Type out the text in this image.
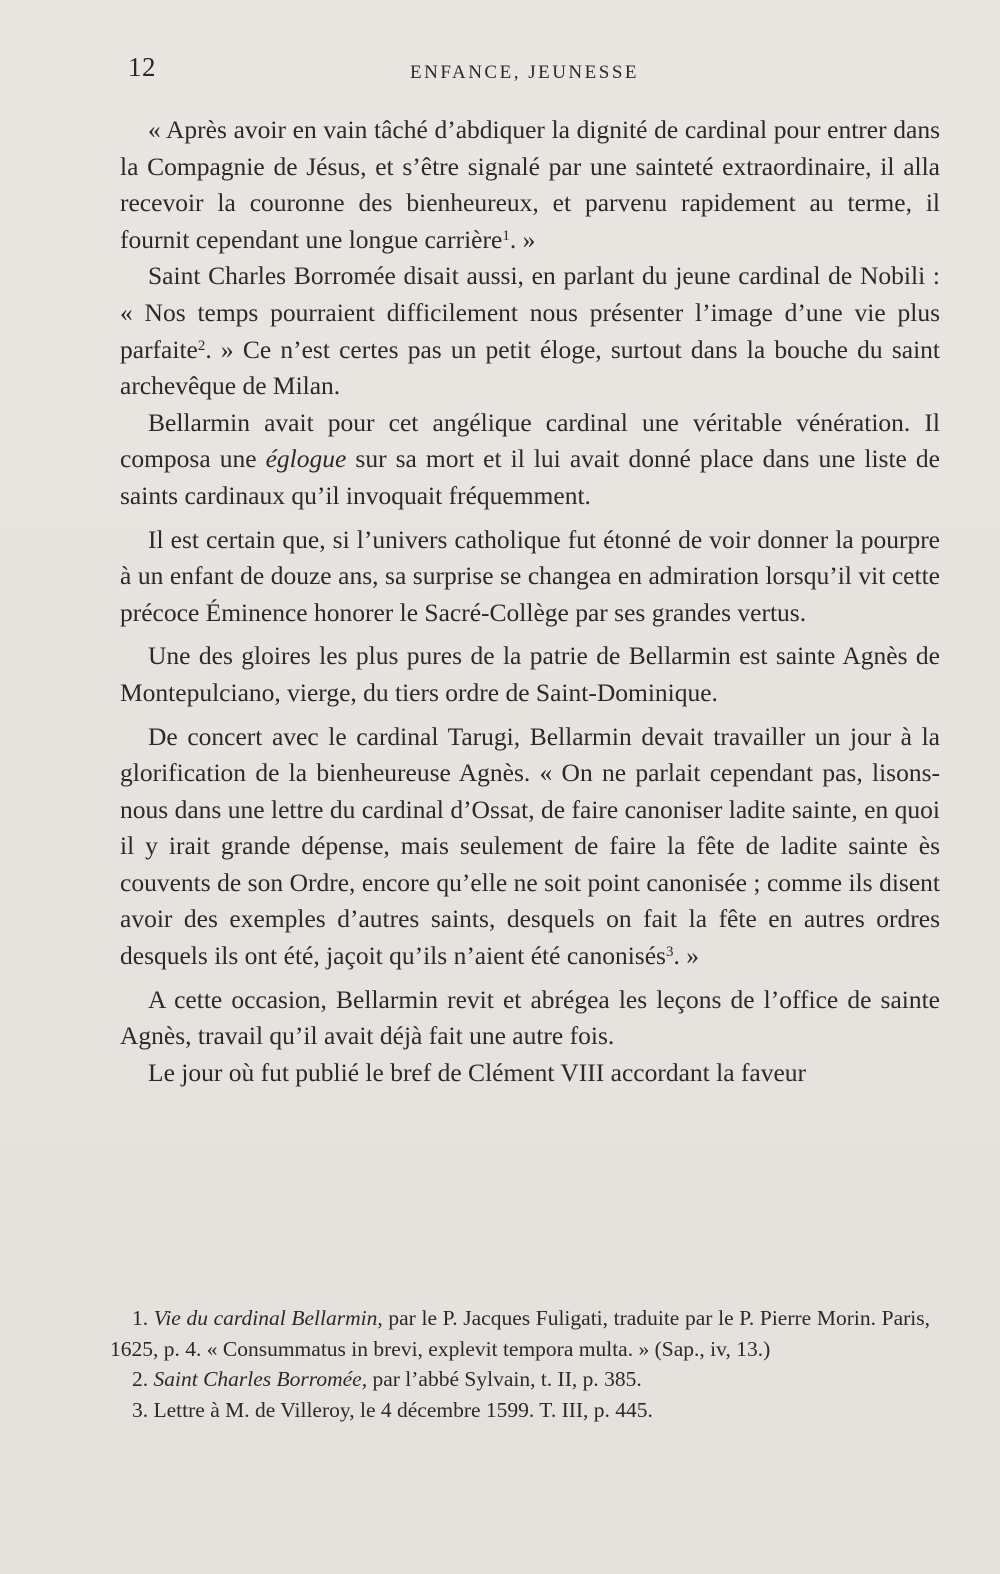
12	ENFANCE, JEUNESSE

« Après avoir en vain tâché d’abdiquer la dignité de cardinal pour entrer dans la Compagnie de Jésus, et s’être signalé par une sainteté extraordinaire, il alla recevoir la couronne des bienheureux, et parvenu rapidement au terme, il fournit cependant une longue carrière$^1$. »

Saint Charles Borromée disait aussi, en parlant du jeune cardinal de Nobili : « Nos temps pourraient difficilement nous présenter l’image d’une vie plus parfaite$^2$. » Ce n’est certes pas un petit éloge, surtout dans la bouche du saint archevêque de Milan.

Bellarmin avait pour cet angélique cardinal une véritable vénération. Il composa une églogue sur sa mort et il lui avait donné place dans une liste de saints cardinaux qu’il invoquait fréquemment.

Il est certain que, si l’univers catholique fut étonné de voir donner la pourpre à un enfant de douze ans, sa surprise se changea en admiration lorsqu’il vit cette précoce Éminence honorer le Sacré-Collège par ses grandes vertus.

Une des gloires les plus pures de la patrie de Bellarmin est sainte Agnès de Montepulciano, vierge, du tiers ordre de Saint-Dominique.

De concert avec le cardinal Tarugi, Bellarmin devait travailler un jour à la glorification de la bienheureuse Agnès. « On ne parlait cependant pas, lisons-nous dans une lettre du cardinal d’Ossat, de faire canoniser ladite sainte, en quoi il y irait grande dépense, mais seulement de faire la fête de ladite sainte ès couvents de son Ordre, encore qu’elle ne soit point canonisée ; comme ils disent avoir des exemples d’autres saints, desquels on fait la fête en autres ordres desquels ils ont été, jaçoit qu’ils n’aient été canonisés$^3$. »

A cette occasion, Bellarmin revit et abrégea les leçons de l’office de sainte Agnès, travail qu’il avait déjà fait une autre fois.

Le jour où fut publié le bref de Clément VIII accordant la faveur

1. Vie du cardinal Bellarmin, par le P. Jacques Fuligati, traduite par le P. Pierre Morin. Paris, 1625, p. 4. « Consummatus in brevi, explevit tempora multa. » (Sap., iv, 13.)

2. Saint Charles Borromée, par l’abbé Sylvain, t. II, p. 385.

3. Lettre à M. de Villeroy, le 4 décembre 1599. T. III, p. 445.
